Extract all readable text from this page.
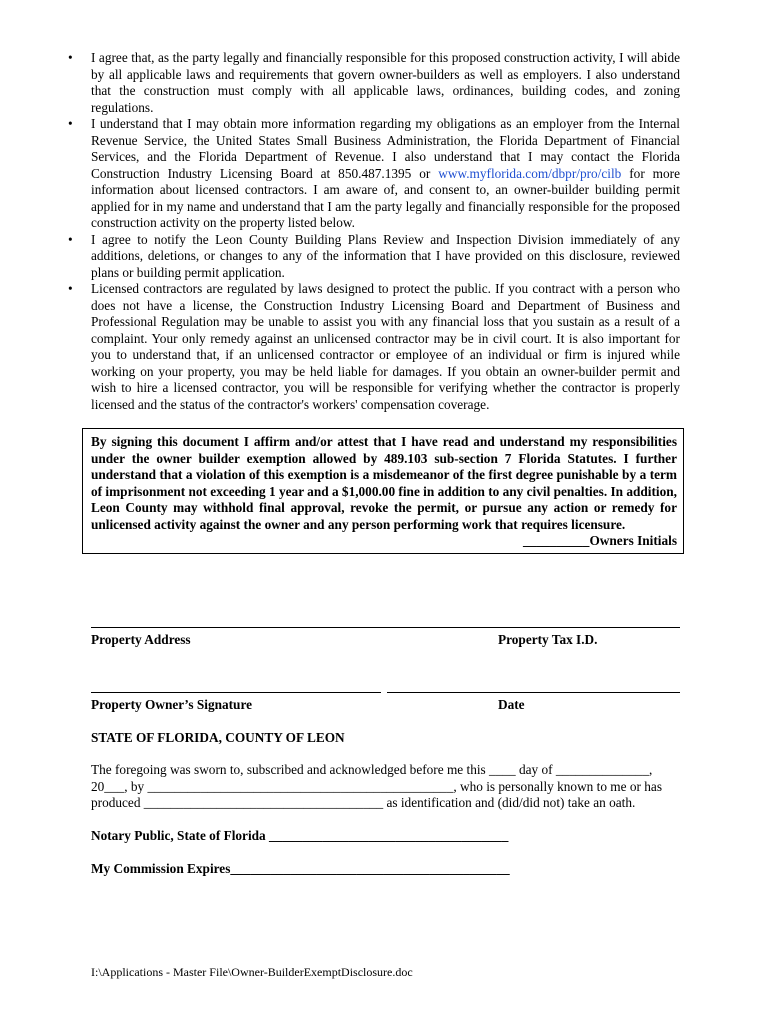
• I agree that, as the party legally and financially responsible for this proposed construction activity, I will abide by all applicable laws and requirements that govern owner-builders as well as employers. I also understand that the construction must comply with all applicable laws, ordinances, building codes, and zoning regulations.
• I understand that I may obtain more information regarding my obligations as an employer from the Internal Revenue Service, the United States Small Business Administration, the Florida Department of Financial Services, and the Florida Department of Revenue. I also understand that I may contact the Florida Construction Industry Licensing Board at 850.487.1395 or www.myflorida.com/dbpr/pro/cilb for more information about licensed contractors. I am aware of, and consent to, an owner-builder building permit applied for in my name and understand that I am the party legally and financially responsible for the proposed construction activity on the property listed below.
• I agree to notify the Leon County Building Plans Review and Inspection Division immediately of any additions, deletions, or changes to any of the information that I have provided on this disclosure, reviewed plans or building permit application.
• Licensed contractors are regulated by laws designed to protect the public. If you contract with a person who does not have a license, the Construction Industry Licensing Board and Department of Business and Professional Regulation may be unable to assist you with any financial loss that you sustain as a result of a complaint. Your only remedy against an unlicensed contractor may be in civil court. It is also important for you to understand that, if an unlicensed contractor or employee of an individual or firm is injured while working on your property, you may be held liable for damages. If you obtain an owner-builder permit and wish to hire a licensed contractor, you will be responsible for verifying whether the contractor is properly licensed and the status of the contractor's workers' compensation coverage.
By signing this document I affirm and/or attest that I have read and understand my responsibilities under the owner builder exemption allowed by 489.103 sub-section 7 Florida Statutes. I further understand that a violation of this exemption is a misdemeanor of the first degree punishable by a term of imprisonment not exceeding 1 year and a $1,000.00 fine in addition to any civil penalties. In addition, Leon County may withhold final approval, revoke the permit, or pursue any action or remedy for unlicensed activity against the owner and any person performing work that requires licensure.
__________Owners Initials
Property Address	Property Tax I.D.
Property Owner’s Signature	Date
STATE OF FLORIDA, COUNTY OF LEON
The foregoing was sworn to, subscribed and acknowledged before me this ____ day of ______________,
20___, by ______________________________________________, who is personally known to me or has
produced ____________________________________ as identification and (did/did not) take an oath.
Notary Public, State of Florida ____________________________________
My Commission Expires__________________________________________
I:\Applications - Master File\Owner-BuilderExemptDisclosure.doc
